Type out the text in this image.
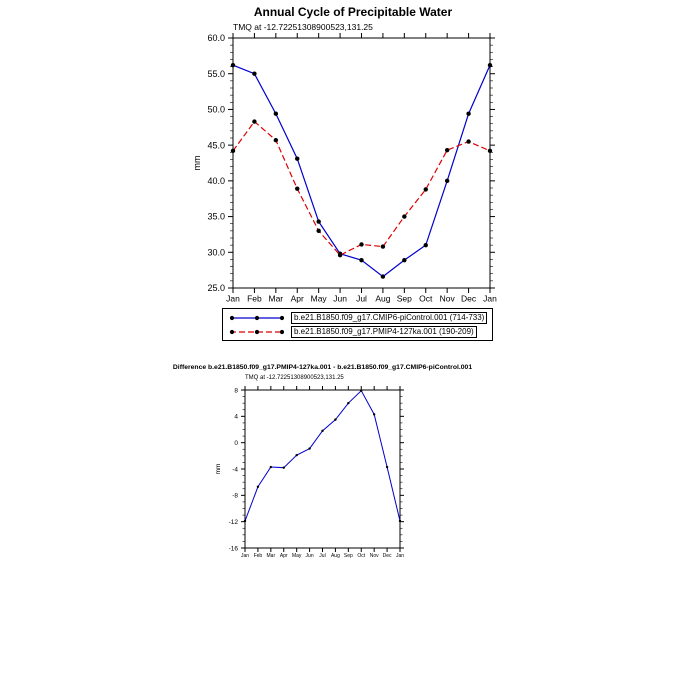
Annual Cycle of Precipitable Water
TMQ at -12.72251308900523,131.25
25.0
30.0
35.0
40.0
45.0
50.0
55.0
60.0
Jan Feb Mar Apr May Jun Jul Aug Sep Oct Nov Dec Jan
mm
b.e21.B1850.f09_g17.CMIP6-piControl.001 (714-733)
b.e21.B1850.f09_g17.PMIP4-127ka.001 (190-209)
Difference b.e21.B1850.f09_g17.PMIP4-127ka.001 - b.e21.B1850.f09_g17.CMIP6-piControl.001
TMQ at -12.72251308900523,131.25
-16
-12
-8
-4
0
4
8
Jan Feb Mar Apr May Jun Jul Aug Sep Oct Nov Dec Jan
mm
